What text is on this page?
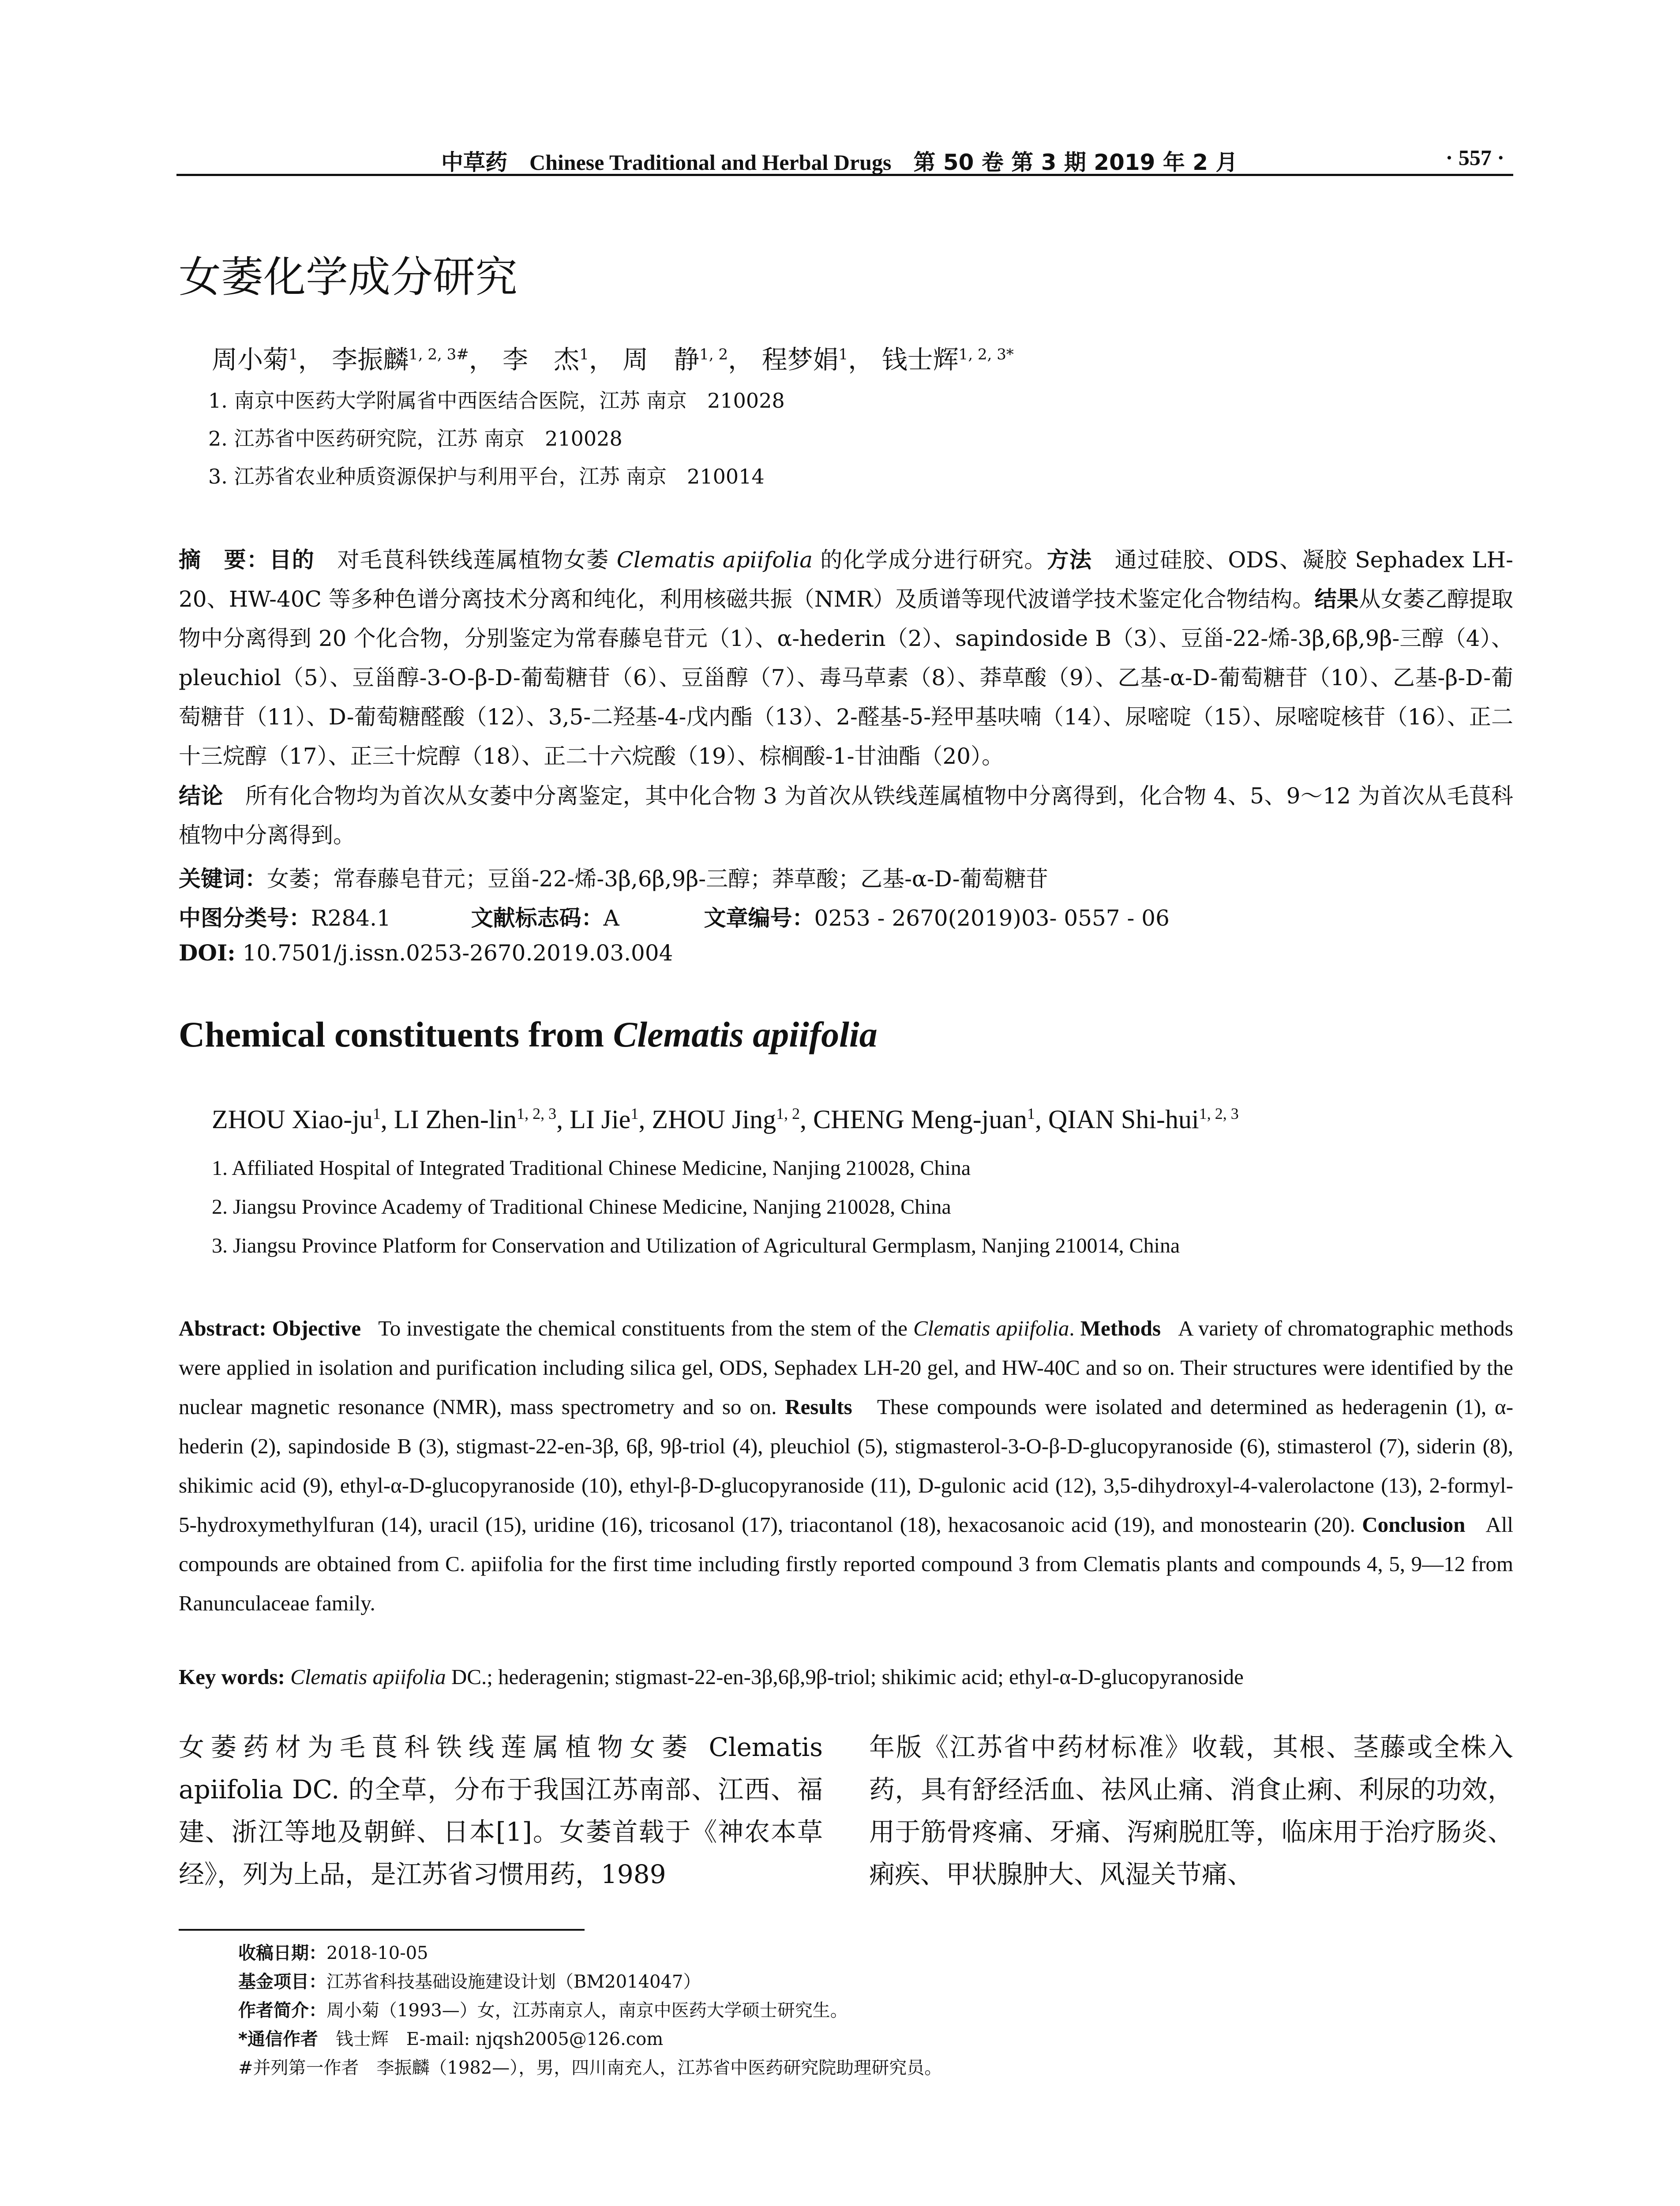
中草药 Chinese Traditional and Herbal Drugs 第 50 卷 第 3 期 2019 年 2 月	· 557 ·
女萎化学成分研究
周小菊$^1$， 李振麟$^{1, 2, 3\#}$， 李　杰$^1$， 周　静$^{1, 2}$， 程梦娟$^1$， 钱士辉$^{1, 2, 3*}$
1. 南京中医药大学附属省中西医结合医院，江苏 南京　210028
2. 江苏省中医药研究院，江苏 南京　210028
3. 江苏省农业种质资源保护与利用平台，江苏 南京　210014
摘　要：目的　对毛茛科铁线莲属植物女萎 Clematis apiifolia 的化学成分进行研究。方法　通过硅胶、ODS、凝胶 Sephadex LH-20、HW-40C 等多种色谱分离技术分离和纯化，利用核磁共振（NMR）及质谱等现代波谱学技术鉴定化合物结构。结果从女萎乙醇提取物中分离得到 20 个化合物，分别鉴定为常春藤皂苷元（1）、α-hederin（2）、sapindoside B（3）、豆甾-22-烯-3β,6β,9β-三醇（4）、pleuchiol（5）、豆甾醇-3-O-β-D-葡萄糖苷（6）、豆甾醇（7）、毒马草素（8）、莽草酸（9）、乙基-α-D-葡萄糖苷（10）、乙基-β-D-葡萄糖苷（11）、D-葡萄糖醛酸（12）、3,5-二羟基-4-戊内酯（13）、2-醛基-5-羟甲基呋喃（14）、尿嘧啶（15）、尿嘧啶核苷（16）、正二十三烷醇（17）、正三十烷醇（18）、正二十六烷酸（19）、棕榈酸-1-甘油酯（20）。
结论　所有化合物均为首次从女萎中分离鉴定，其中化合物 3 为首次从铁线莲属植物中分离得到，化合物 4、5、9～12 为首次从毛茛科植物中分离得到。
关键词：女萎；常春藤皂苷元；豆甾-22-烯-3β,6β,9β-三醇；莽草酸；乙基-α-D-葡萄糖苷
中图分类号：R284.1	文献标志码：A	文章编号：0253 - 2670(2019)03- 0557 - 06
DOI: 10.7501/j.issn.0253-2670.2019.03.004
Chemical constituents from Clematis apiifolia
ZHOU Xiao-$ju^1$, LI Zhen-lin$^{1, 2, 3}$, LI Jie$^1$, ZHOU Jing$^{1, 2}$, CHENG Meng-juan$^1$, QIAN Shi-hui$^{1, 2, 3}$
1. Affiliated Hospital of Integrated Traditional Chinese Medicine, Nanjing 210028, China
2. Jiangsu Province Academy of Traditional Chinese Medicine, Nanjing 210028, China
3. Jiangsu Province Platform for Conservation and Utilization of Agricultural Germplasm, Nanjing 210014, China
Abstract: Objective To investigate the chemical constituents from the stem of the Clematis apiifolia. Methods A variety of chromatographic methods were applied in isolation and purification including silica gel, ODS, Sephadex LH-20 gel, and HW-40C and so on. Their structures were identified by the nuclear magnetic resonance (NMR), mass spectrometry and so on. Results These compounds were isolated and determined as hederagenin (1), α-hederin (2), sapindoside B (3), stigmast-22-en-3β, 6β, 9β-triol (4), pleuchiol (5), stigmasterol-3-O-β-D-glucopyranoside (6), stimasterol (7), siderin (8), shikimic acid (9), ethyl-α-D-glucopyranoside (10), ethyl-β-D-glucopyranoside (11), D-gulonic acid (12), 3,5-dihydroxyl-4-valerolactone (13), 2-formyl-5-hydroxymethylfuran (14), uracil (15), uridine (16), tricosanol (17), triacontanol (18), hexacosanoic acid (19), and monostearin (20). Conclusion All compounds are obtained from C. apiifolia for the first time including firstly reported compound 3 from Clematis plants and compounds 4, 5, 9—12 from Ranunculaceae family.
Key words: Clematis apiifolia DC.; hederagenin; stigmast-22-en-3β,6β,9β-triol; shikimic acid; ethyl-α-D-glucopyranoside
女萎药材为毛茛科铁线莲属植物女萎 Clematis apiifolia DC. 的全草，分布于我国江苏南部、江西、福建、浙江等地及朝鲜、日本[1]。女萎首载于《神农本草经》，列为上品，是江苏省习惯用药，1989
年版《江苏省中药材标准》收载，其根、茎藤或全株入药，具有舒经活血、祛风止痛、消食止痢、利尿的功效，用于筋骨疼痛、牙痛、泻痢脱肛等，临床用于治疗肠炎、痢疾、甲状腺肿大、风湿关节痛、
收稿日期：2018-10-05
基金项目：江苏省科技基础设施建设计划（BM2014047）
作者简介：周小菊（1993—）女，江苏南京人，南京中医药大学硕士研究生。
*通信作者　钱士辉　E-mail: njqsh2005@126.com
#并列第一作者　李振麟（1982—），男，四川南充人，江苏省中医药研究院助理研究员。
